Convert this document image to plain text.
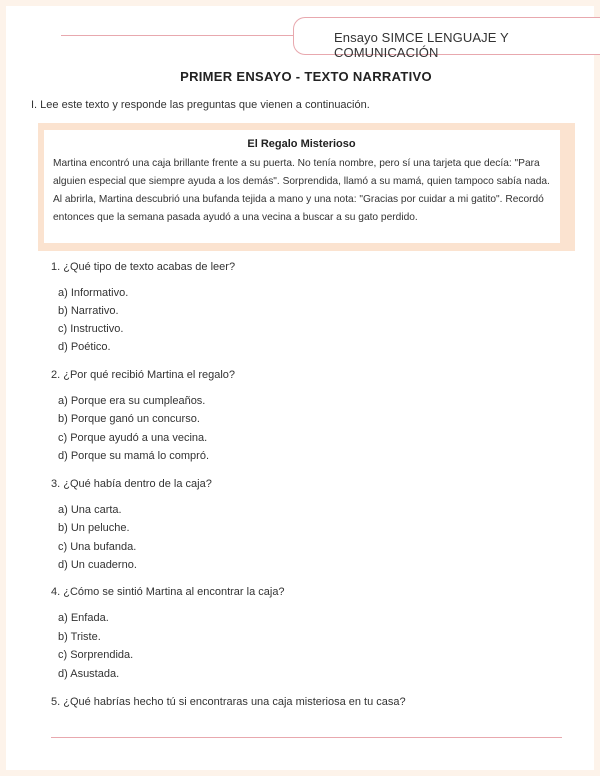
Ensayo SIMCE LENGUAJE Y COMUNICACIÓN
PRIMER ENSAYO - TEXTO NARRATIVO
I. Lee este texto y responde las preguntas que vienen a continuación.
El Regalo Misterioso
Martina encontró una caja brillante frente a su puerta. No tenía nombre, pero sí una tarjeta que decía: "Para alguien especial que siempre ayuda a los demás". Sorprendida, llamó a su mamá, quien tampoco sabía nada. Al abrirla, Martina descubrió una bufanda tejida a mano y una nota: "Gracias por cuidar a mi gatito". Recordó entonces que la semana pasada ayudó a una vecina a buscar a su gato perdido.
1. ¿Qué tipo de texto acabas de leer?
a) Informativo.
b) Narrativo.
c) Instructivo.
d) Poético.
2. ¿Por qué recibió Martina el regalo?
a) Porque era su cumpleaños.
b) Porque ganó un concurso.
c) Porque ayudó a una vecina.
d) Porque su mamá lo compró.
3. ¿Qué había dentro de la caja?
a) Una carta.
b) Un peluche.
c) Una bufanda.
d) Un cuaderno.
4. ¿Cómo se sintió Martina al encontrar la caja?
a) Enfada.
b) Triste.
c) Sorprendida.
d) Asustada.
5. ¿Qué habrías hecho tú si encontraras una caja misteriosa en tu casa?
